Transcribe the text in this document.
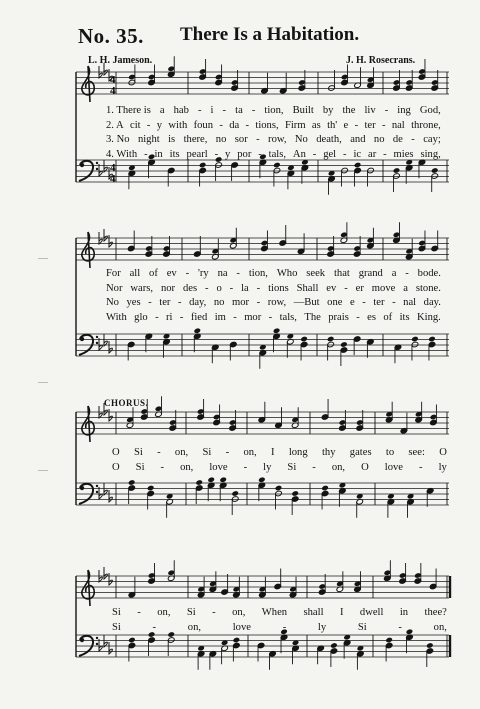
No. 35. There Is a Habitation.
L. H. Jameson.	J. H. Rosecrans.
CHORUS.
4
4
4
4
1. There is a hab - i - ta - tion, Built by the liv - ing God,
2. A cit - y with foun - da - tions, Firm as th' e - ter - nal throne,
3. No night is there, no sor - row, No death, and no de - cay;
4. With - in its pearl - y por - tals, An - gel - ic ar - mies sing,
For all of ev - 'ry na - tion, Who seek that grand a - bode.
Nor wars, nor des - o - la - tions Shall ev - er move a stone.
No yes - ter - day, no mor - row, —But one e - ter - nal day.
With glo - ri - fied im - mor - tals, The prais - es of its King.
O Si - on, Si - on, I long thy gates to see: O
O Si - on, love - ly Si - on, O love - ly
Si - on, Si - on, When shall I dwell in thee?
Si	-	on,	love	-	ly	Si	-	on,
